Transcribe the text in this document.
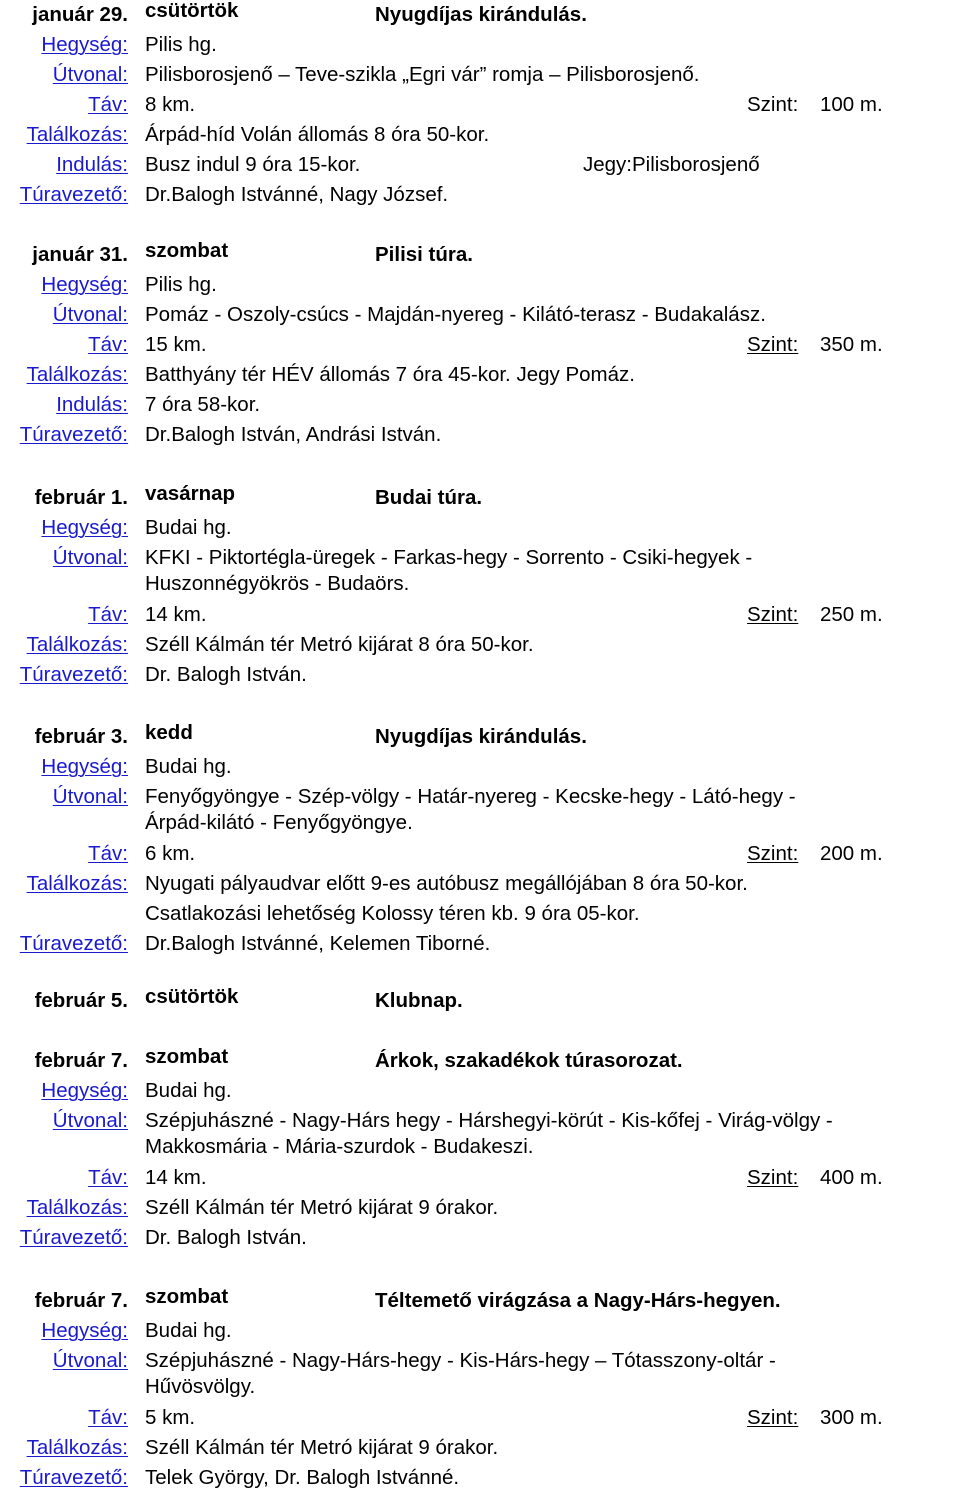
január 29. csütörtök	Nyugdíjas kirándulás.
Hegység: Pilis hg.
Útvonal: Pilisborosjenő – Teve-szikla „Egri vár” romja – Pilisborosjenő.
Táv: 8 km.	Szint: 100 m.
Találkozás: Árpád-híd Volán állomás 8 óra 50-kor.
Indulás: Busz indul 9 óra 15-kor.	Jegy:Pilisborosjenő
Túravezető: Dr.Balogh Istvánné, Nagy József.
január 31. szombat	Pilisi túra.
Hegység: Pilis hg.
Útvonal: Pomáz - Oszoly-csúcs - Majdán-nyereg - Kilátó-terasz - Budakalász.
Táv: 15 km.	Szint: 350 m.
Találkozás: Batthyány tér HÉV állomás 7 óra 45-kor. Jegy Pomáz.
Indulás: 7 óra 58-kor.
Túravezető: Dr.Balogh István, Andrási István.
február 1. vasárnap	Budai túra.
Hegység: Budai hg.
Útvonal: KFKI - Piktortégla-üregek - Farkas-hegy - Sorrento - Csiki-hegyek -
Huszonnégyökrös - Budaörs.
Táv: 14 km.	Szint: 250 m.
Találkozás: Széll Kálmán tér Metró kijárat 8 óra 50-kor.
Túravezető: Dr. Balogh István.
február 3. kedd	Nyugdíjas kirándulás.
Hegység: Budai hg.
Útvonal: Fenyőgyöngye - Szép-völgy - Határ-nyereg - Kecske-hegy - Látó-hegy -
Árpád-kilátó - Fenyőgyöngye.
Táv: 6 km.	Szint: 200 m.
Találkozás: Nyugati pályaudvar előtt 9-es autóbusz megállójában 8 óra 50-kor.
Csatlakozási lehetőség Kolossy téren kb. 9 óra 05-kor.
Túravezető: Dr.Balogh Istvánné, Kelemen Tiborné.
február 5. csütörtök	Klubnap.
február 7. szombat	Árkok, szakadékok túrasorozat.
Hegység: Budai hg.
Útvonal: Szépjuhászné - Nagy-Hárs hegy - Hárshegyi-körút - Kis-kőfej - Virág-völgy -
Makkosmária - Mária-szurdok - Budakeszi.
Táv: 14 km.	Szint: 400 m.
Találkozás: Széll Kálmán tér Metró kijárat 9 órakor.
Túravezető: Dr. Balogh István.
február 7. szombat	Téltemető virágzása a Nagy-Hárs-hegyen.
Hegység: Budai hg.
Útvonal: Szépjuhászné - Nagy-Hárs-hegy - Kis-Hárs-hegy – Tótasszony-oltár -
Hűvösvölgy.
Táv: 5 km.	Szint: 300 m.
Találkozás: Széll Kálmán tér Metró kijárat 9 órakor.
Túravezető: Telek György, Dr. Balogh Istvánné.
